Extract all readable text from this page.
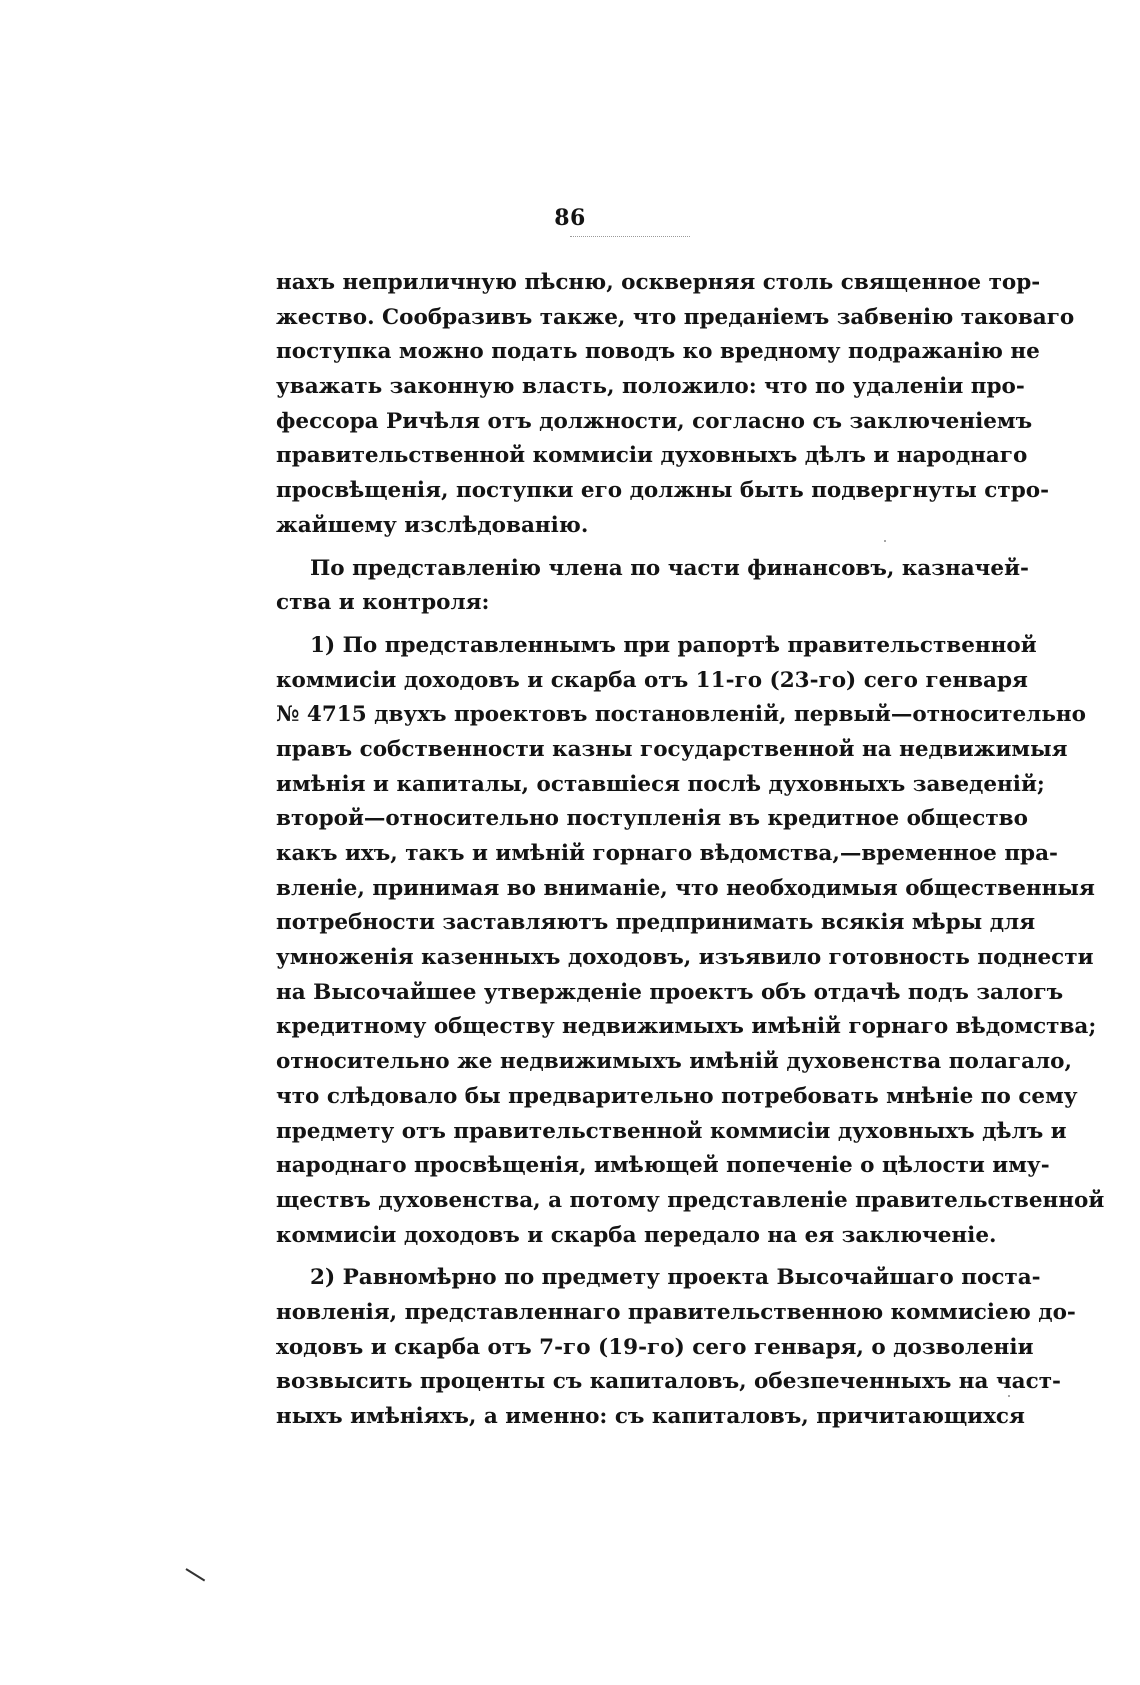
86
нахъ неприличную пѣсню, оскверняя столь священное тор-
жество. Сообразивъ также, что преданіемъ забвенію таковаго
поступка можно подать поводъ ко вредному подражанію не
уважать законную власть, положило: что по удаленіи про-
фессора Ричѣля отъ должности, согласно съ заключеніемъ
правительственной коммисіи духовныхъ дѣлъ и народнаго
просвѣщенія, поступки его должны быть подвергнуты стро-
жайшему изслѣдованію.
По представленію члена по части финансовъ, казначей-
ства и контроля:
1) По представленнымъ при рапортѣ правительственной
коммисіи доходовъ и скарба отъ 11-го (23-го) сего генваря
№ 4715 двухъ проектовъ постановленій, первый—относительно
правъ собственности казны государственной на недвижимыя
имѣнія и капиталы, оставшіеся послѣ духовныхъ заведеній;
второй—относительно поступленія въ кредитное общество
какъ ихъ, такъ и имѣній горнаго вѣдомства,—временное пра-
вленіе, принимая во вниманіе, что необходимыя общественныя
потребности заставляютъ предпринимать всякія мѣры для
умноженія казенныхъ доходовъ, изъявило готовность поднести
на Высочайшее утвержденіе проектъ объ отдачѣ подъ залогъ
кредитному обществу недвижимыхъ имѣній горнаго вѣдомства;
относительно же недвижимыхъ имѣній духовенства полагало,
что слѣдовало бы предварительно потребовать мнѣніе по сему
предмету отъ правительственной коммисіи духовныхъ дѣлъ и
народнаго просвѣщенія, имѣющей попеченіе о цѣлости иму-
ществъ духовенства, а потому представленіе правительственной
коммисіи доходовъ и скарба передало на ея заключеніе.
2) Равномѣрно по предмету проекта Высочайшаго поста-
новленія, представленнаго правительственною коммисіею до-
ходовъ и скарба отъ 7-го (19-го) сего генваря, о дозволеніи
возвысить проценты съ капиталовъ, обезпеченныхъ на част-
ныхъ имѣніяхъ, а именно: съ капиталовъ, причитающихся
